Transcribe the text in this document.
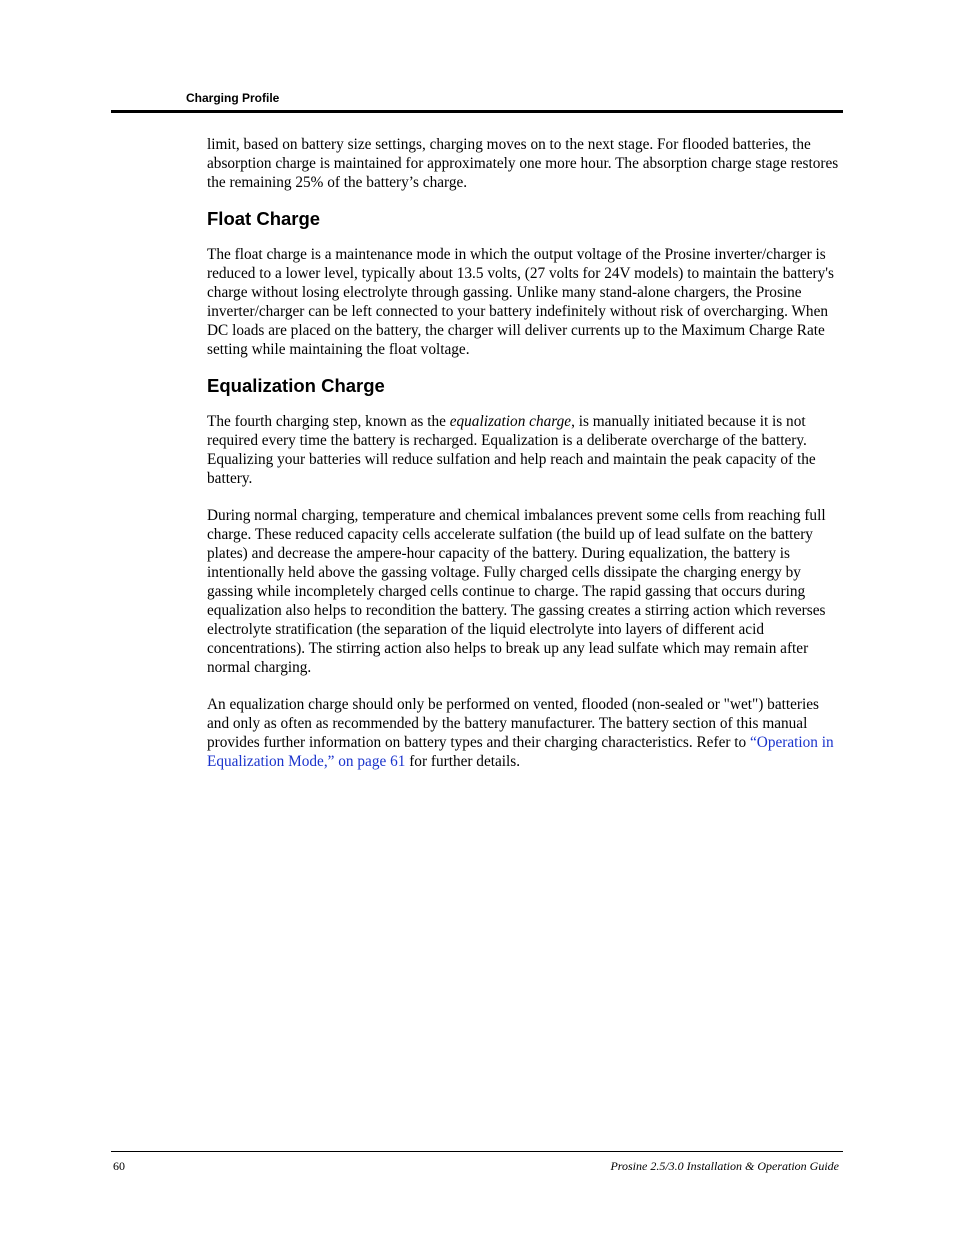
Charging Profile

limit, based on battery size settings, charging moves on to the next stage. For flooded batteries, the absorption charge is maintained for approximately one more hour. The absorption charge stage restores the remaining 25% of the battery’s charge.

Float Charge

The float charge is a maintenance mode in which the output voltage of the Prosine inverter/charger is reduced to a lower level, typically about 13.5 volts, (27 volts for 24V models) to maintain the battery's charge without losing electrolyte through gassing. Unlike many stand-alone chargers, the Prosine inverter/charger can be left connected to your battery indefinitely without risk of overcharging. When DC loads are placed on the battery, the charger will deliver currents up to the Maximum Charge Rate setting while maintaining the float voltage.

Equalization Charge

The fourth charging step, known as the equalization charge, is manually initiated because it is not required every time the battery is recharged. Equalization is a deliberate overcharge of the battery. Equalizing your batteries will reduce sulfation and help reach and maintain the peak capacity of the battery.

During normal charging, temperature and chemical imbalances prevent some cells from reaching full charge. These reduced capacity cells accelerate sulfation (the build up of lead sulfate on the battery plates) and decrease the ampere-hour capacity of the battery. During equalization, the battery is intentionally held above the gassing voltage. Fully charged cells dissipate the charging energy by gassing while incompletely charged cells continue to charge. The rapid gassing that occurs during equalization also helps to recondition the battery. The gassing creates a stirring action which reverses electrolyte stratification (the separation of the liquid electrolyte into layers of different acid concentrations). The stirring action also helps to break up any lead sulfate which may remain after normal charging.

An equalization charge should only be performed on vented, flooded (non-sealed or "wet") batteries and only as often as recommended by the battery manufacturer. The battery section of this manual provides further information on battery types and their charging characteristics. Refer to “Operation in Equalization Mode,” on page 61 for further details.

60	Prosine 2.5/3.0 Installation & Operation Guide
